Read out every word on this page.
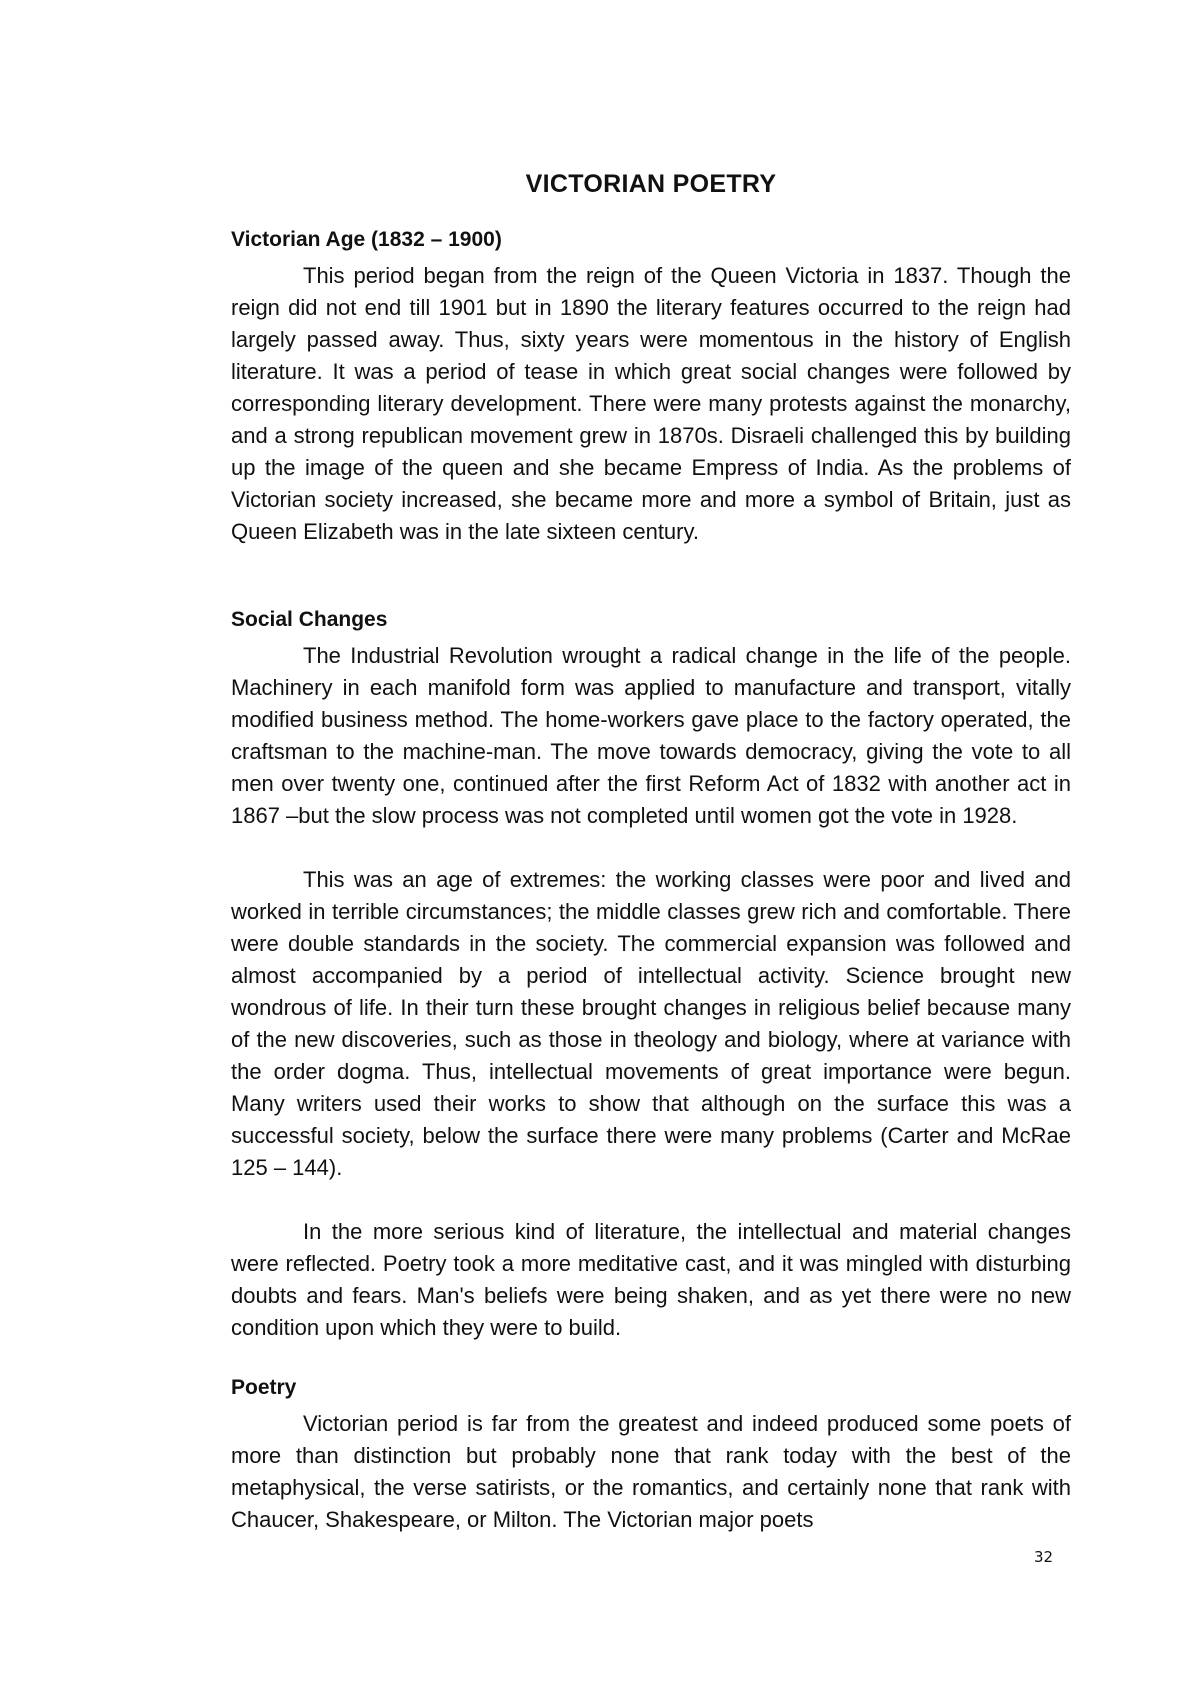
VICTORIAN POETRY
Victorian Age (1832 – 1900)

This period began from the reign of the Queen Victoria in 1837. Though the reign did not end till 1901 but in 1890 the literary features occurred to the reign had largely passed away. Thus, sixty years were momentous in the history of English literature. It was a period of tease in which great social changes were followed by corresponding literary development. There were many protests against the monarchy, and a strong republican movement grew in 1870s. Disraeli challenged this by building up the image of the queen and she became Empress of India. As the problems of Victorian society increased, she became more and more a symbol of Britain, just as Queen Elizabeth was in the late sixteen century.

Social Changes

The Industrial Revolution wrought a radical change in the life of the people. Machinery in each manifold form was applied to manufacture and transport, vitally modified business method. The home-workers gave place to the factory operated, the craftsman to the machine-man. The move towards democracy, giving the vote to all men over twenty one, continued after the first Reform Act of 1832 with another act in 1867 –but the slow process was not completed until women got the vote in 1928.

This was an age of extremes: the working classes were poor and lived and worked in terrible circumstances; the middle classes grew rich and comfortable. There were double standards in the society. The commercial expansion was followed and almost accompanied by a period of intellectual activity. Science brought new wondrous of life. In their turn these brought changes in religious belief because many of the new discoveries, such as those in theology and biology, where at variance with the order dogma. Thus, intellectual movements of great importance were begun. Many writers used their works to show that although on the surface this was a successful society, below the surface there were many problems (Carter and McRae 125 – 144).

In the more serious kind of literature, the intellectual and material changes were reflected. Poetry took a more meditative cast, and it was mingled with disturbing doubts and fears. Man's beliefs were being shaken, and as yet there were no new condition upon which they were to build.

Poetry

Victorian period is far from the greatest and indeed produced some poets of more than distinction but probably none that rank today with the best of the metaphysical, the verse satirists, or the romantics, and certainly none that rank with Chaucer, Shakespeare, or Milton. The Victorian major poets

32
